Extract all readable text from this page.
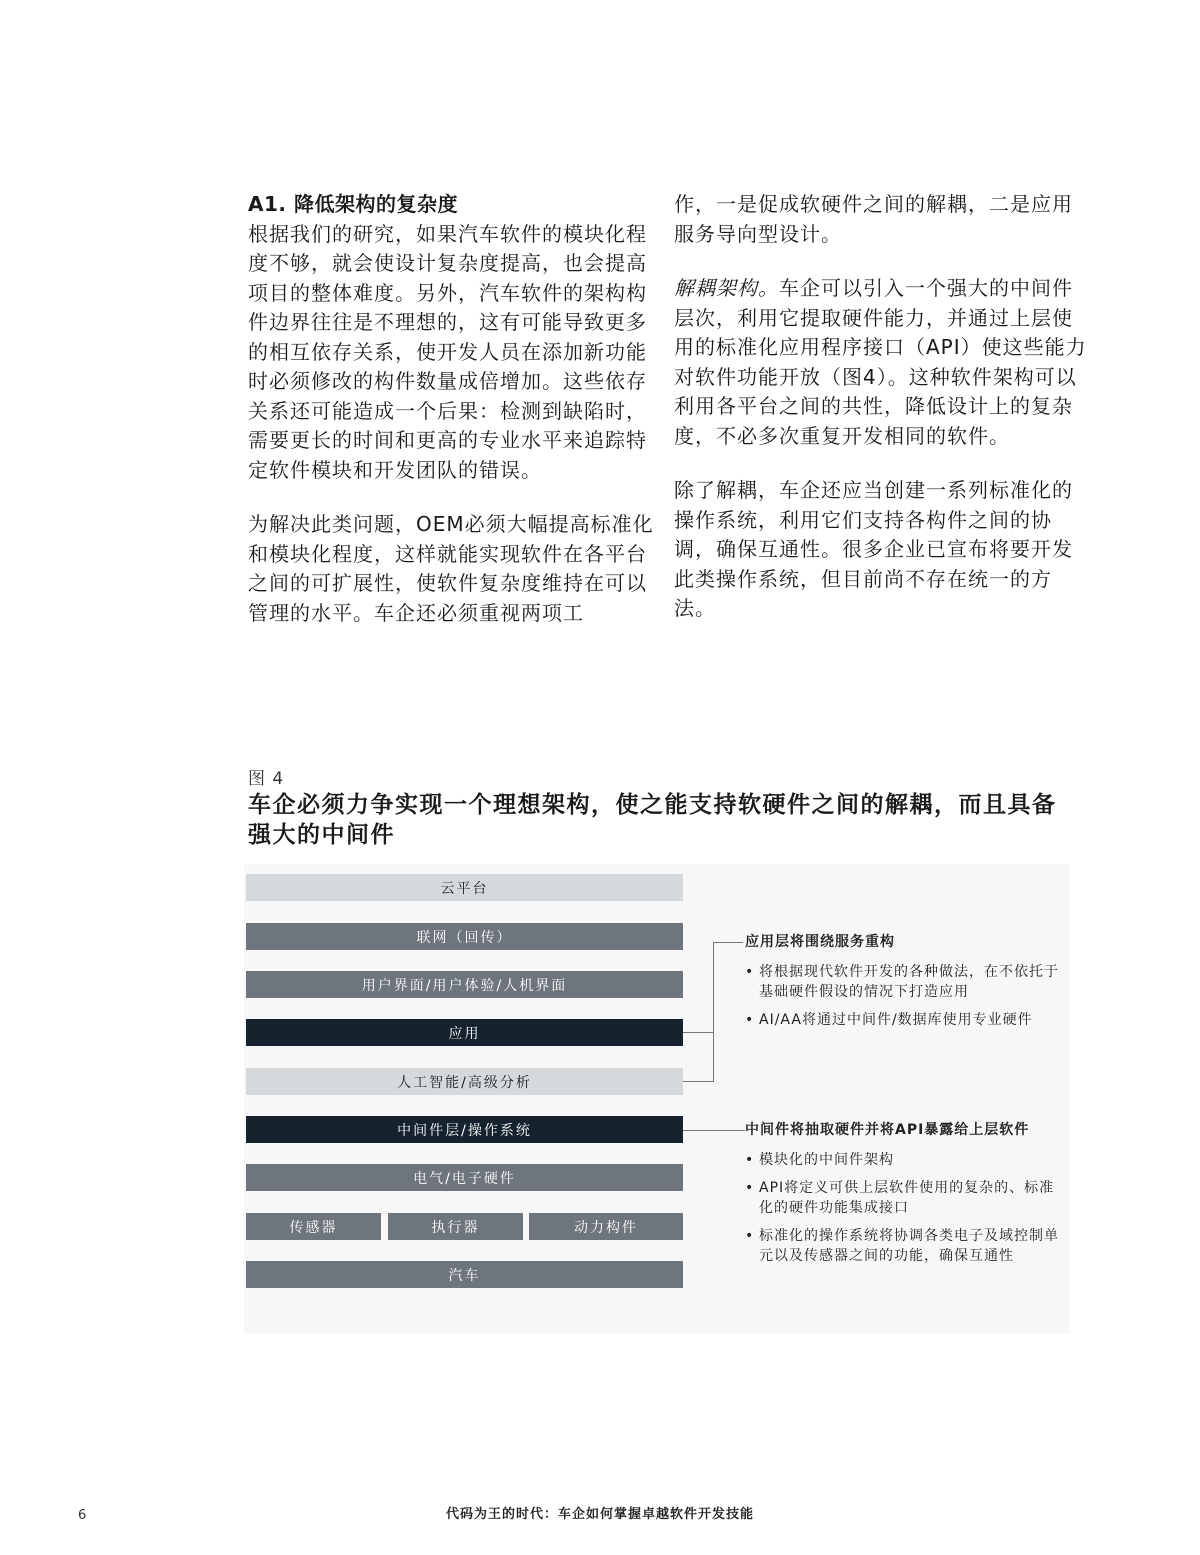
A1. 降低架构的复杂度

根据我们的研究，如果汽车软件的模块化程度不够，就会使设计复杂度提高，也会提高项目的整体难度。另外，汽车软件的架构构件边界往往是不理想的，这有可能导致更多的相互依存关系，使开发人员在添加新功能时必须修改的构件数量成倍增加。这些依存关系还可能造成一个后果：检测到缺陷时，需要更长的时间和更高的专业水平来追踪特定软件模块和开发团队的错误。

为解决此类问题，OEM必须大幅提高标准化和模块化程度，这样就能实现软件在各平台之间的可扩展性，使软件复杂度维持在可以管理的水平。车企还必须重视两项工

作，一是促成软硬件之间的解耦，二是应用服务导向型设计。

解耦架构。车企可以引入一个强大的中间件层次，利用它提取硬件能力，并通过上层使用的标准化应用程序接口（API）使这些能力对软件功能开放（图4）。这种软件架构可以利用各平台之间的共性，降低设计上的复杂度，不必多次重复开发相同的软件。

除了解耦，车企还应当创建一系列标准化的操作系统，利用它们支持各构件之间的协调，确保互通性。很多企业已宣布将要开发此类操作系统，但目前尚不存在统一的方法。

图 4
车企必须力争实现一个理想架构，使之能支持软硬件之间的解耦，而且具备强大的中间件
云平台
联网（回传）
用户界面/用户体验/人机界面
应用
人工智能/高级分析
中间件层/操作系统
电气/电子硬件
传感器	执行器	动力构件
汽车
应用层将围绕服务重构
• 将根据现代软件开发的各种做法，在不依托于基础硬件假设的情况下打造应用
• AI/AA将通过中间件/数据库使用专业硬件
中间件将抽取硬件并将API暴露给上层软件
• 模块化的中间件架构
• API将定义可供上层软件使用的复杂的、标准化的硬件功能集成接口
• 标准化的操作系统将协调各类电子及域控制单元以及传感器之间的功能，确保互通性
6	代码为王的时代：车企如何掌握卓越软件开发技能
